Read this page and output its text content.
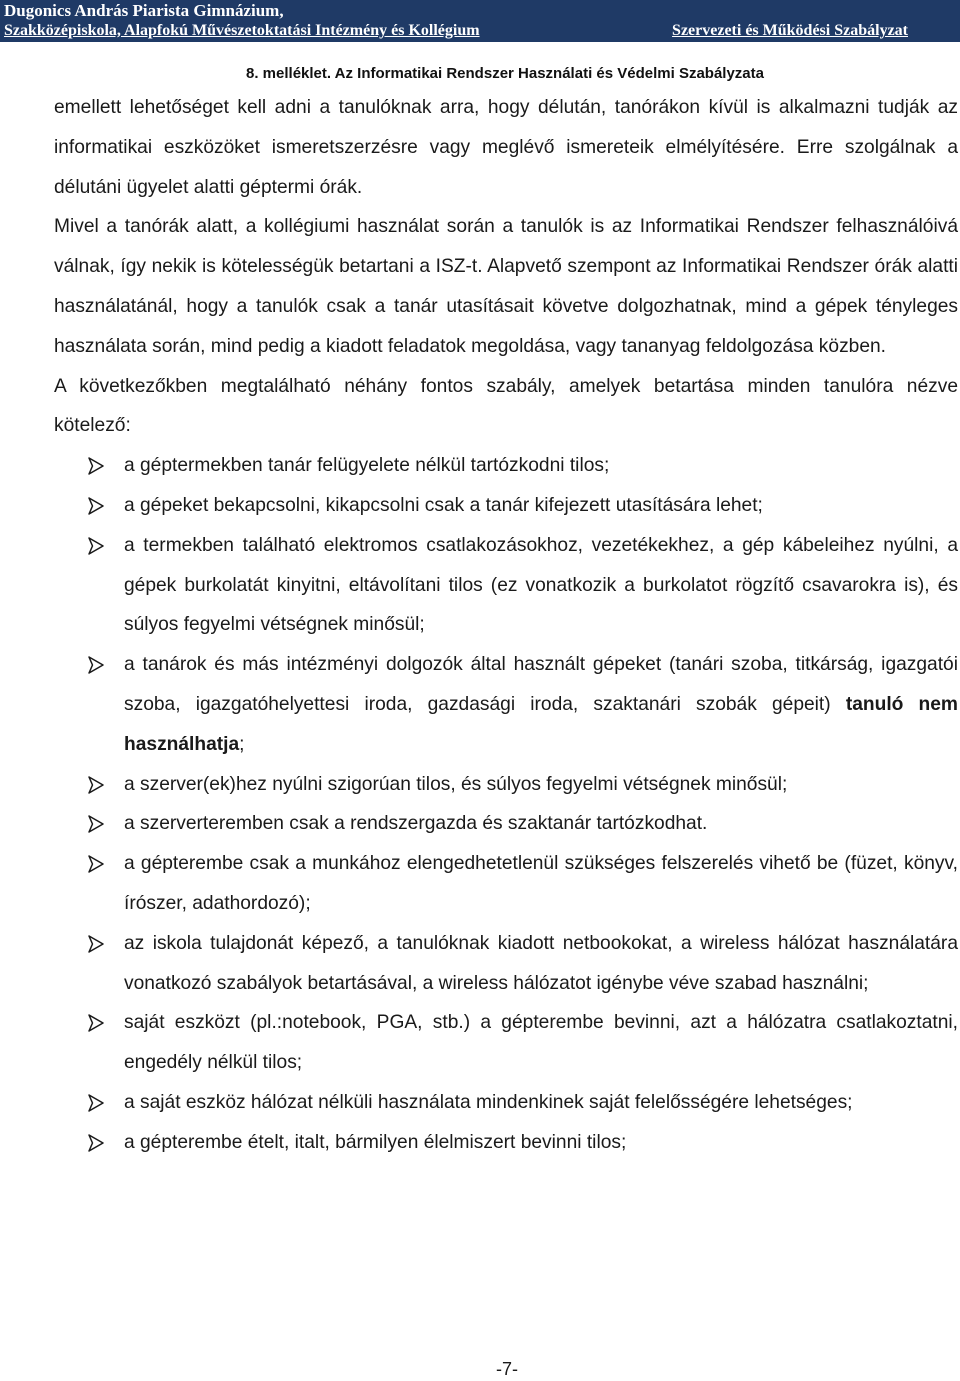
Dugonics András Piarista Gimnázium,
Szakközépiskola, Alapfokú Művészetoktatási Intézmény és Kollégium	Szervezeti és Működési Szabályzat
8. melléklet. Az Informatikai Rendszer Használati és Védelmi Szabályzata

emellett lehetőséget kell adni a tanulóknak arra, hogy délután, tanórákon kívül is alkalmazni tudják az informatikai eszközöket ismeretszerzésre vagy meglévő ismereteik elmélyítésére. Erre szolgálnak a délutáni ügyelet alatti géptermi órák.

Mivel a tanórák alatt, a kollégiumi használat során a tanulók is az Informatikai Rendszer felhasználóivá válnak, így nekik is kötelességük betartani a ISZ-t. Alapvető szempont az Informatikai Rendszer órák alatti használatánál, hogy a tanulók csak a tanár utasításait követve dolgozhatnak, mind a gépek tényleges használata során, mind pedig a kiadott feladatok megoldása, vagy tananyag feldolgozása közben.

A következőkben megtalálható néhány fontos szabály, amelyek betartása minden tanulóra nézve kötelező:

a géptermekben tanár felügyelete nélkül tartózkodni tilos;
a gépeket bekapcsolni, kikapcsolni csak a tanár kifejezett utasítására lehet;
a termekben található elektromos csatlakozásokhoz, vezetékekhez, a gép kábeleihez nyúlni, a gépek burkolatát kinyitni, eltávolítani tilos (ez vonatkozik a burkolatot rögzítő csavarokra is), és súlyos fegyelmi vétségnek minősül;
a tanárok és más intézményi dolgozók által használt gépeket (tanári szoba, titkárság, igazgatói szoba, igazgatóhelyettesi iroda, gazdasági iroda, szaktanári szobák gépeit) tanuló nem használhatja;
a szerver(ek)hez nyúlni szigorúan tilos, és súlyos fegyelmi vétségnek minősül;
a szerverteremben csak a rendszergazda és szaktanár tartózkodhat.
a gépterembe csak a munkához elengedhetetlenül szükséges felszerelés vihető be (füzet, könyv, írószer, adathordozó);
az iskola tulajdonát képező, a tanulóknak kiadott netbookokat, a wireless hálózat használatára vonatkozó szabályok betartásával, a wireless hálózatot igénybe véve szabad használni;
saját eszközt (pl.:notebook, PGA, stb.) a gépterembe bevinni, azt a hálózatra csatlakoztatni, engedély nélkül tilos;
a saját eszköz hálózat nélküli használata mindenkinek saját felelősségére lehetséges;
a gépterembe ételt, italt, bármilyen élelmiszert bevinni tilos;
-7-
